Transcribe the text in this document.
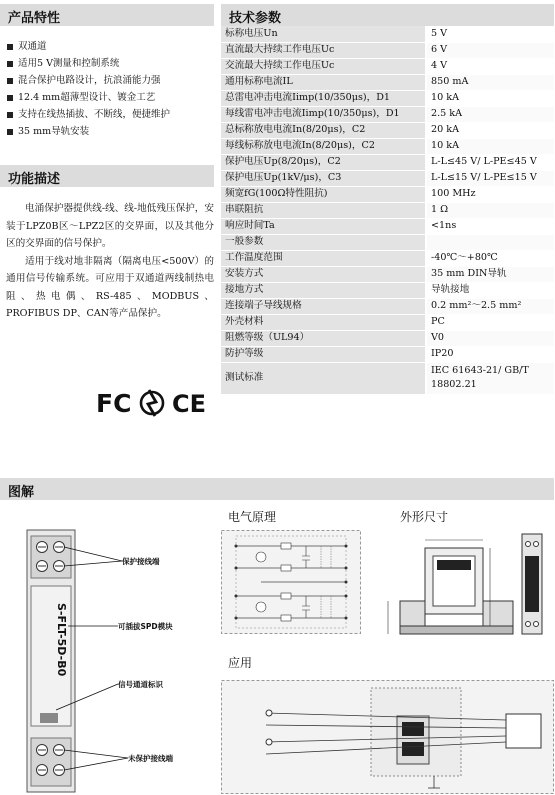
产品特性
双通道
适用5 V测量和控制系统
混合保护电路设计，抗浪涌能力强
12.4 mm超薄型设计、镀金工艺
支持在线热插拔、不断线，便捷维护
35 mm导轨安装
功能描述

电涌保护器提供线-线、线-地低残压保护，安装于LPZ0B区～LPZ2区的交界面，以及其他分区的交界面的信号保护。

适用于线对地非隔离（隔离电压<500V）的通用信号传输系统。可应用于双通道两线制热电阻、热电偶、RS-485、MODBUS、PROFIBUS DP、CAN等产品保护。

FC CE
技术参数
标称电压Un	5 V
直流最大持续工作电压Uc	6 V
交流最大持续工作电压Uc	4 V
通用标称电流IL	850 mA
总雷电冲击电流Iimp(10/350μs)，D1	10 kA
每线雷电冲击电流Iimp(10/350μs)，D1	2.5 kA
总标称放电电流In(8/20μs)，C2	20 kA
每线标称放电电流In(8/20μs)，C2	10 kA
保护电压Up(8/20μs)，C2	L-L≤45 V/ L-PE≤45 V
保护电压Up(1kV/μs)，C3	L-L≤15 V/ L-PE≤15 V
频宽fG(100Ω特性阻抗)	100 MHz
串联阻抗	1 Ω
响应时间Ta	<1ns
一般参数	
工作温度范围	-40℃～+80℃
安装方式	35 mm DIN导轨
接地方式	导轨接地
连接端子导线规格	0.2 mm²～2.5 mm²
外壳材料	PC
阻燃等级（UL94）	V0
防护等级	IP20
测试标准	IEC 61643-21/ GB/T 18802.21
图解
S-FLT-5D-B0
保护接线端
可插拔SPD模块
信号通道标识
未保护接线端
电气原理	外形尺寸
应用
